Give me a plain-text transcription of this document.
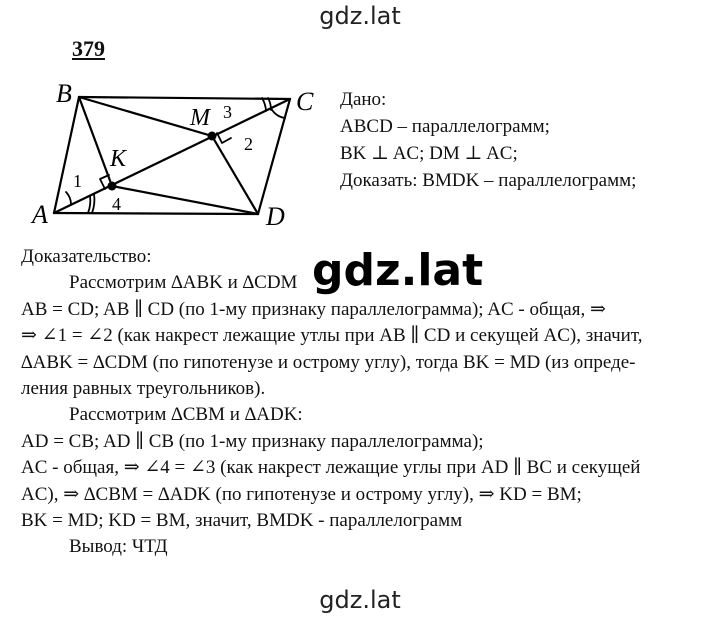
gdz.lat
379
A
B	C
D
K
M
1
2
3
4
Дано:
ABCD – параллелограмм;
BK ⊥ AC; DM ⊥ AC;
Доказать: BMDK – параллелограмм;
Доказательство:
Рассмотрим ∆ABK и ∆CDM
AB = CD; AB ∥ CD (по 1-му признаку параллелограмма); AC - общая, ⇒
⇒ ∠1 = ∠2 (как накрест лежащие утлы при AB ∥ CD и секущей AC), значит,
∆ABK = ∆CDM (по гипотенузе и острому углу), тогда BK = MD (из опреде-
ления равных треугольников).
Рассмотрим ∆CBM и ∆ADK:
AD = CB; AD ∥ CB (по 1-му признаку параллелограмма);
AC - общая, ⇒ ∠4 = ∠3 (как накрест лежащие углы при AD ∥ BC и секущей
AC), ⇒ ∆CBM = ∆ADK (по гипотенузе и острому углу), ⇒ KD = BM;
BK = MD; KD = BM, значит, BMDK - параллелограмм
Вывод: ЧТД
gdz.lat
gdz.lat
